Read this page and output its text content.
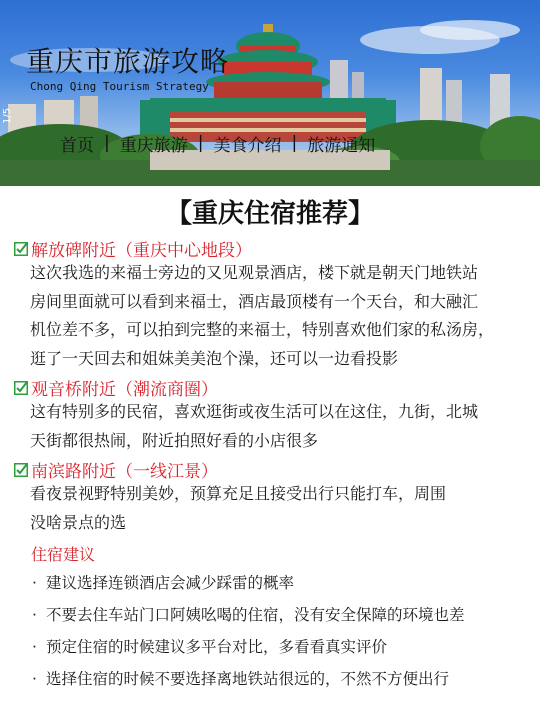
重庆市旅游攻略
Chong Qing Tourism Strategy
1/5
首页 | 重庆旅游 | 美食介绍 | 旅游通知
【重庆住宿推荐】
解放碑附近（重庆中心地段）
这次我选的来福士旁边的又见观景酒店，楼下就是朝天门地铁站
房间里面就可以看到来福士，酒店最顶楼有一个天台，和大融汇
机位差不多，可以拍到完整的来福士，特别喜欢他们家的私汤房，
逛了一天回去和姐妹美美泡个澡，还可以一边看投影
观音桥附近（潮流商圈）
这有特别多的民宿，喜欢逛街或夜生活可以在这住，九街，北城
天街都很热闹，附近拍照好看的小店很多
南滨路附近（一线江景）
看夜景视野特别美妙，预算充足且接受出行只能打车，周围
没啥景点的选
住宿建议
· 建议选择连锁酒店会减少踩雷的概率
· 不要去住车站门口阿姨吆喝的住宿，没有安全保障的环境也差
· 预定住宿的时候建议多平台对比，多看看真实评价
· 选择住宿的时候不要选择离地铁站很远的，不然不方便出行
